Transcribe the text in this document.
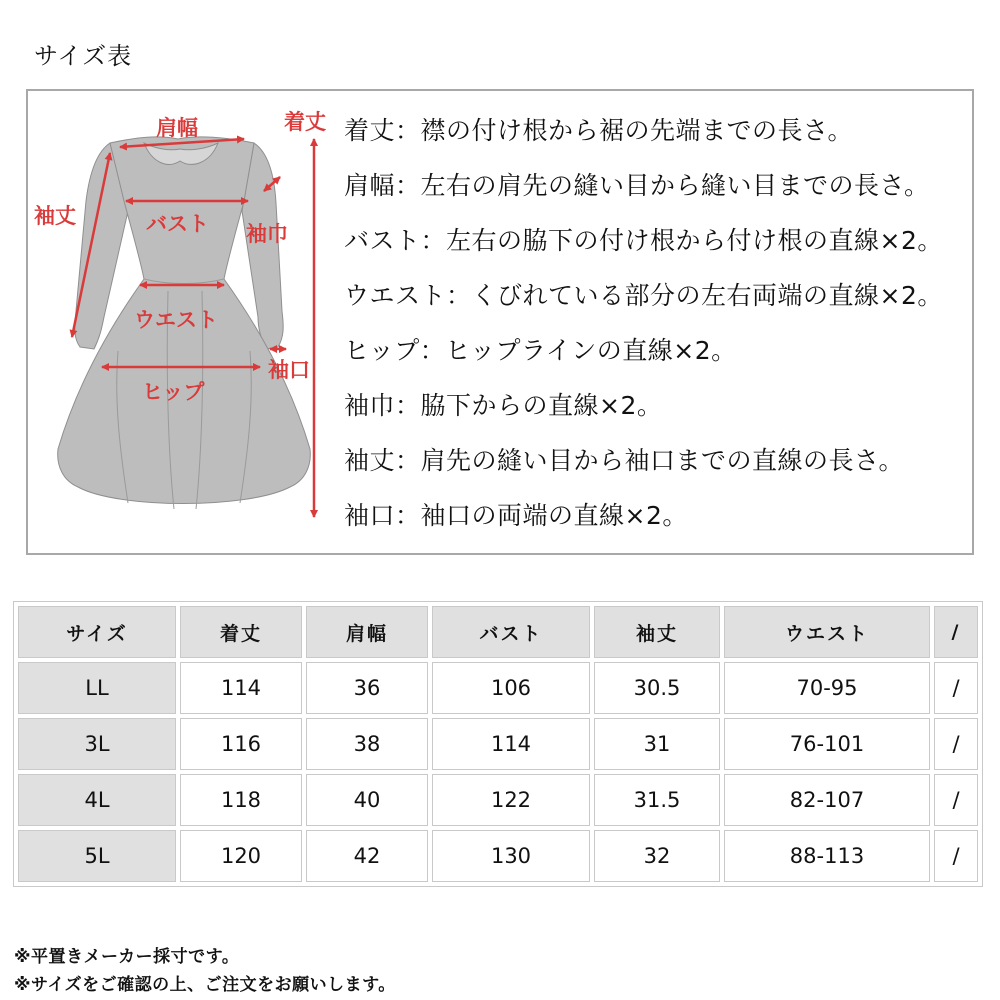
サイズ表
肩幅	着丈
袖丈	バスト 袖巾
ウエスト
袖口
ヒップ
着丈：襟の付け根から裾の先端までの長さ。
肩幅：左右の肩先の縫い目から縫い目までの長さ。
バスト：左右の脇下の付け根から付け根の直線×2。
ウエスト：くびれている部分の左右両端の直線×2。
ヒップ：ヒップラインの直線×2。
袖巾：脇下からの直線×2。
袖丈：肩先の縫い目から袖口までの直線の長さ。
袖口：袖口の両端の直線×2。
サイズ	着丈	肩幅	バスト	袖丈	ウエスト	/
LL	114	36	106	30.5	70-95	/
3L	116	38	114	31	76-101	/
4L	118	40	122	31.5	82-107	/
5L	120	42	130	32	88-113	/
※平置きメーカー採寸です。
※サイズをご確認の上、ご注文をお願いします。
